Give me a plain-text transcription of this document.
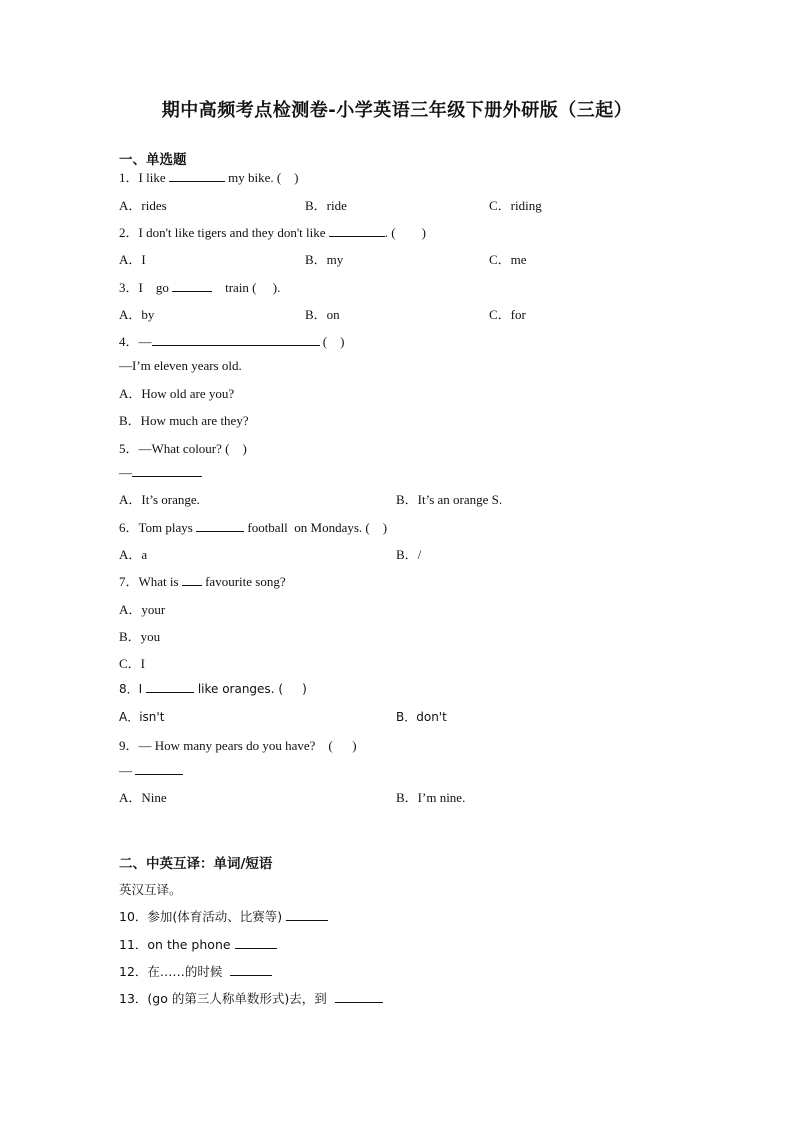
期中高频考点检测卷-小学英语三年级下册外研版（三起）
一、单选题
1．I like	my bike. (    )
A．rides	B．ride	C．riding
2．I don't like tigers and they don't like	. (        )
A．I	B．my	C．me
3．I    go	train (     ).
A．by	B．on	C．for
4．—	(    )
—I’m eleven years old.
A．How old are you?
B．How much are they?
5．—What colour? (    )
—
A．It’s orange.	B．It’s an orange S.
6．Tom plays	football  on Mondays. (    )
A．a	B．/
7．What is  favourite song?
A．your
B．you
C．I
8．I	like oranges. (     )
A．isn't	B．don't
9．— How many pears do you have?    (      )
—
A．Nine	B．I’m nine.
二、中英互译：单词/短语
英汉互译。
10．参加(体育活动、比赛等)
11．on the phone
12．在……的时候
13．(go 的第三人称单数形式)去，到
